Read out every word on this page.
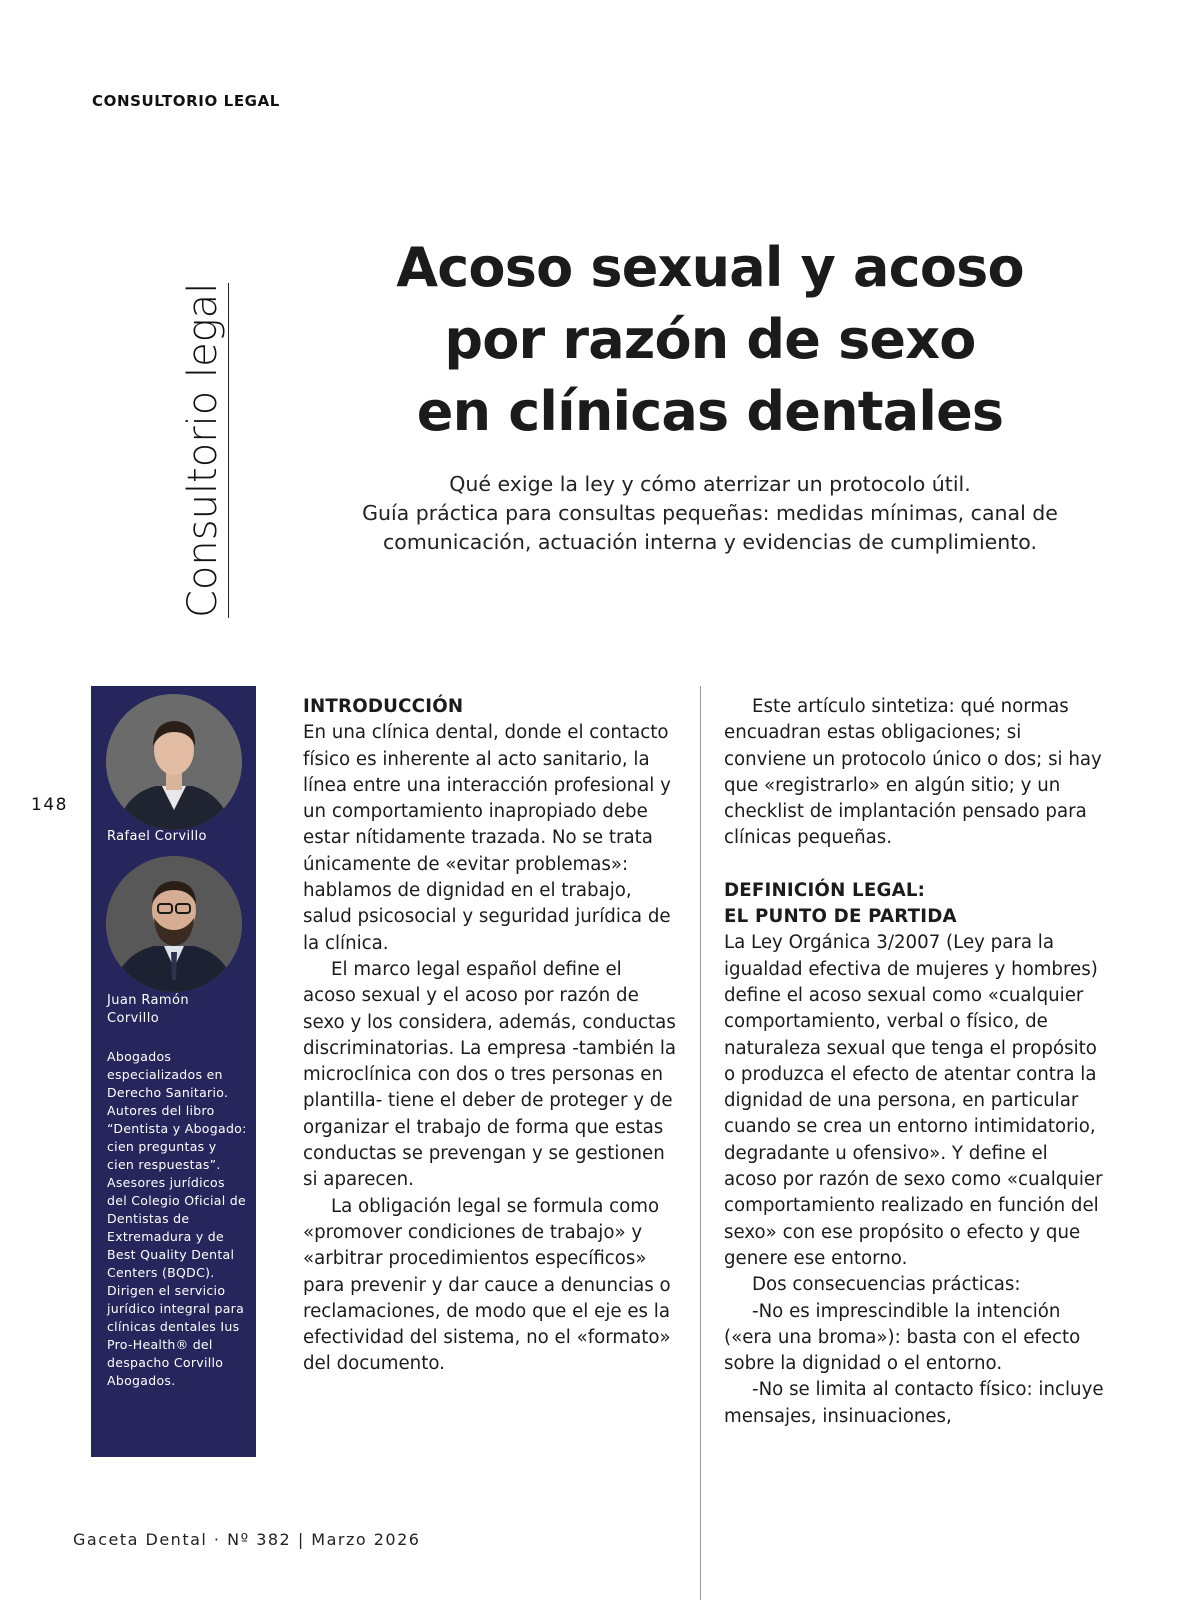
CONSULTORIO LEGAL
Consultorio legal
Acoso sexual y acoso
por razón de sexo
en clínicas dentales
Qué exige la ley y cómo aterrizar un protocolo útil.
Guía práctica para consultas pequeñas: medidas mínimas, canal de comunicación, actuación interna y evidencias de cumplimiento.
148
Rafael Corvillo
Juan Ramón Corvillo
Abogados especializados en Derecho Sanitario. Autores del libro “Dentista y Abogado: cien preguntas y cien respuestas”. Asesores jurídicos del Colegio Oficial de Dentistas de Extremadura y de Best Quality Dental Centers (BQDC). Dirigen el servicio jurídico integral para clínicas dentales Ius Pro-Health® del despacho Corvillo Abogados.
INTRODUCCIÓN

En una clínica dental, donde el contacto físico es inherente al acto sanitario, la línea entre una interacción profesional y un comportamiento inapropiado debe estar nítidamente trazada. No se trata únicamente de «evitar problemas»: hablamos de dignidad en el trabajo, salud psicosocial y seguridad jurídica de la clínica.

El marco legal español define el acoso sexual y el acoso por razón de sexo y los considera, además, conductas discriminatorias. La empresa -también la microclínica con dos o tres personas en plantilla- tiene el deber de proteger y de organizar el trabajo de forma que estas conductas se prevengan y se gestionen si aparecen.

La obligación legal se formula como «promover condiciones de trabajo» y «arbitrar procedimientos específicos» para prevenir y dar cauce a denuncias o reclamaciones, de modo que el eje es la efectividad del sistema, no el «formato» del documento.

Este artículo sintetiza: qué normas encuadran estas obligaciones; si conviene un protocolo único o dos; si hay que «registrarlo» en algún sitio; y un checklist de implantación pensado para clínicas pequeñas.

DEFINICIÓN LEGAL:
EL PUNTO DE PARTIDA

La Ley Orgánica 3/2007 (Ley para la igualdad efectiva de mujeres y hombres) define el acoso sexual como «cualquier comportamiento, verbal o físico, de naturaleza sexual que tenga el propósito o produzca el efecto de atentar contra la dignidad de una persona, en particular cuando se crea un entorno intimidatorio, degradante u ofensivo». Y define el acoso por razón de sexo como «cualquier comportamiento realizado en función del sexo» con ese propósito o efecto y que genere ese entorno.

Dos consecuencias prácticas:

-No es imprescindible la intención («era una broma»): basta con el efecto sobre la dignidad o el entorno.

-No se limita al contacto físico: incluye mensajes, insinuaciones,

Gaceta Dental · Nº 382 | Marzo 2026
